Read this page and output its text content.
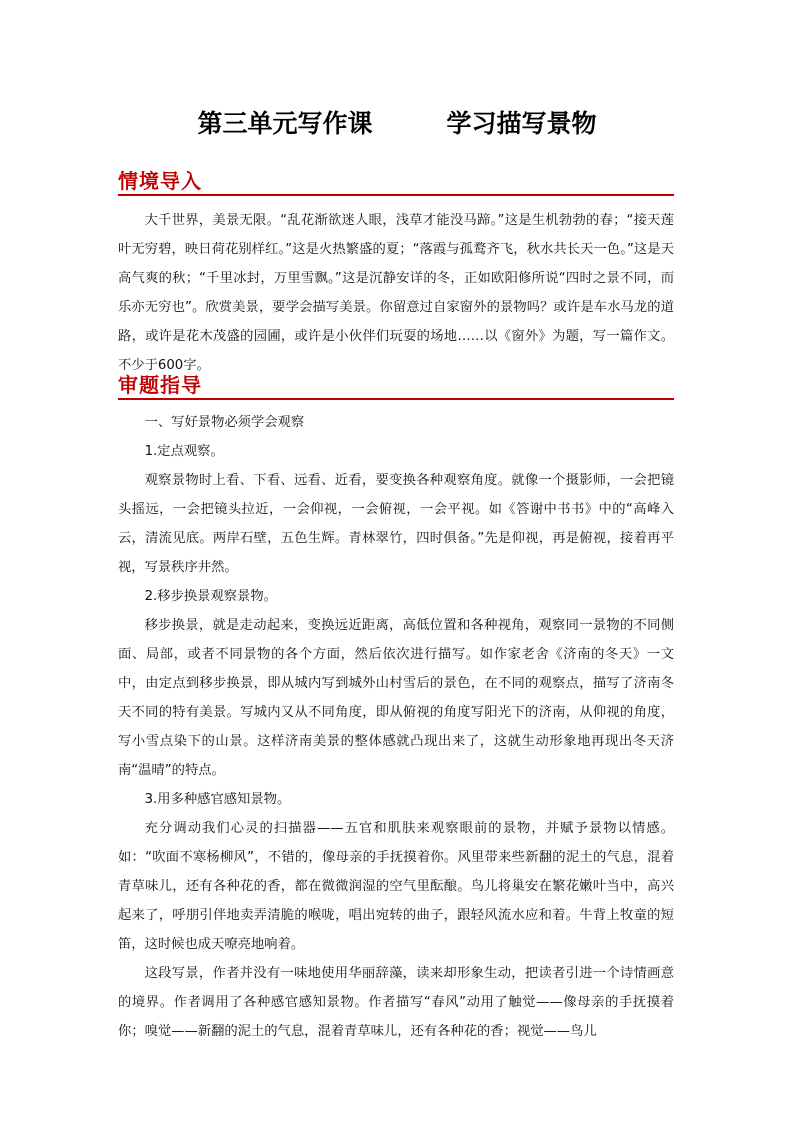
第三单元写作课	学习描写景物
情境导入

大千世界，美景无限。“乱花渐欲迷人眼，浅草才能没马蹄。”这是生机勃勃的春；“接天莲叶无穷碧，映日荷花别样红。”这是火热繁盛的夏；“落霞与孤鹜齐飞，秋水共长天一色。”这是天高气爽的秋；“千里冰封，万里雪飘。”这是沉静安详的冬，正如欧阳修所说“四时之景不同，而乐亦无穷也”。欣赏美景，要学会描写美景。你留意过自家窗外的景物吗？或许是车水马龙的道路，或许是花木茂盛的园圃，或许是小伙伴们玩耍的场地……以《窗外》为题，写一篇作文。不少于600字。

审题指导

一、写好景物必须学会观察

1.定点观察。

观察景物时上看、下看、远看、近看，要变换各种观察角度。就像一个摄影师，一会把镜头摇远，一会把镜头拉近，一会仰视，一会俯视，一会平视。如《答谢中书书》中的“高峰入云，清流见底。两岸石壁，五色生辉。青林翠竹，四时俱备。”先是仰视，再是俯视，接着再平视，写景秩序井然。

2.移步换景观察景物。

移步换景，就是走动起来，变换远近距离，高低位置和各种视角，观察同一景物的不同侧面、局部，或者不同景物的各个方面，然后依次进行描写。如作家老舍《济南的冬天》一文中，由定点到移步换景，即从城内写到城外山村雪后的景色，在不同的观察点，描写了济南冬天不同的特有美景。写城内又从不同角度，即从俯视的角度写阳光下的济南，从仰视的角度，写小雪点染下的山景。这样济南美景的整体感就凸现出来了，这就生动形象地再现出冬天济南“温晴”的特点。

3.用多种感官感知景物。

充分调动我们心灵的扫描器——五官和肌肤来观察眼前的景物，并赋予景物以情感。如：“吹面不寒杨柳风”，不错的，像母亲的手抚摸着你。风里带来些新翻的泥土的气息，混着青草味儿，还有各种花的香，都在微微润湿的空气里酝酿。鸟儿将巢安在繁花嫩叶当中，高兴起来了，呼朋引伴地卖弄清脆的喉咙，唱出宛转的曲子，跟轻风流水应和着。牛背上牧童的短笛，这时候也成天嘹亮地响着。

这段写景，作者并没有一味地使用华丽辞藻，读来却形象生动，把读者引进一个诗情画意的境界。作者调用了各种感官感知景物。作者描写“春风”动用了触觉——像母亲的手抚摸着你；嗅觉——新翻的泥土的气息，混着青草味儿，还有各种花的香；视觉——鸟儿
